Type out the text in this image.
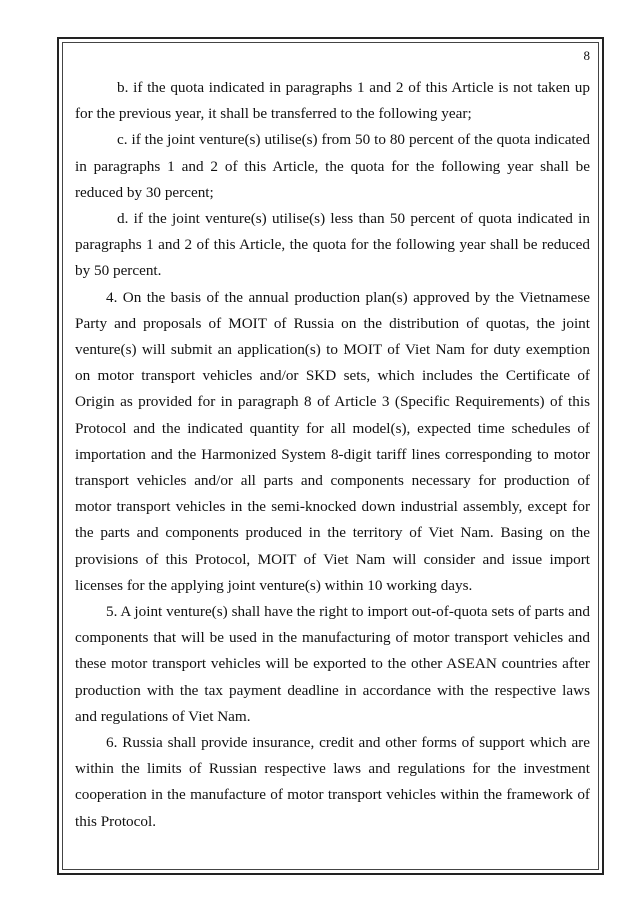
8

b. if the quota indicated in paragraphs 1 and 2 of this Article is not taken up for the previous year, it shall be transferred to the following year;

c. if the joint venture(s) utilise(s) from 50 to 80 percent of the quota indicated in paragraphs 1 and 2 of this Article, the quota for the following year shall be reduced by 30 percent;

d. if the joint venture(s) utilise(s) less than 50 percent of quota indicated in paragraphs 1 and 2 of this Article, the quota for the following year shall be reduced by 50 percent.

4. On the basis of the annual production plan(s) approved by the Vietnamese Party and proposals of MOIT of Russia on the distribution of quotas, the joint venture(s) will submit an application(s) to MOIT of Viet Nam for duty exemption on motor transport vehicles and/or SKD sets, which includes the Certificate of Origin as provided for in paragraph 8 of Article 3 (Specific Requirements) of this Protocol and the indicated quantity for all model(s), expected time schedules of importation and the Harmonized System 8-digit tariff lines corresponding to motor transport vehicles and/or all parts and components necessary for production of motor transport vehicles in the semi-knocked down industrial assembly, except for the parts and components produced in the territory of Viet Nam. Basing on the provisions of this Protocol, MOIT of Viet Nam will consider and issue import licenses for the applying joint venture(s) within 10 working days.

5. A joint venture(s) shall have the right to import out-of-quota sets of parts and components that will be used in the manufacturing of motor transport vehicles and these motor transport vehicles will be exported to the other ASEAN countries after production with the tax payment deadline in accordance with the respective laws and regulations of Viet Nam.

6. Russia shall provide insurance, credit and other forms of support which are within the limits of Russian respective laws and regulations for the investment cooperation in the manufacture of motor transport vehicles within the framework of this Protocol.
